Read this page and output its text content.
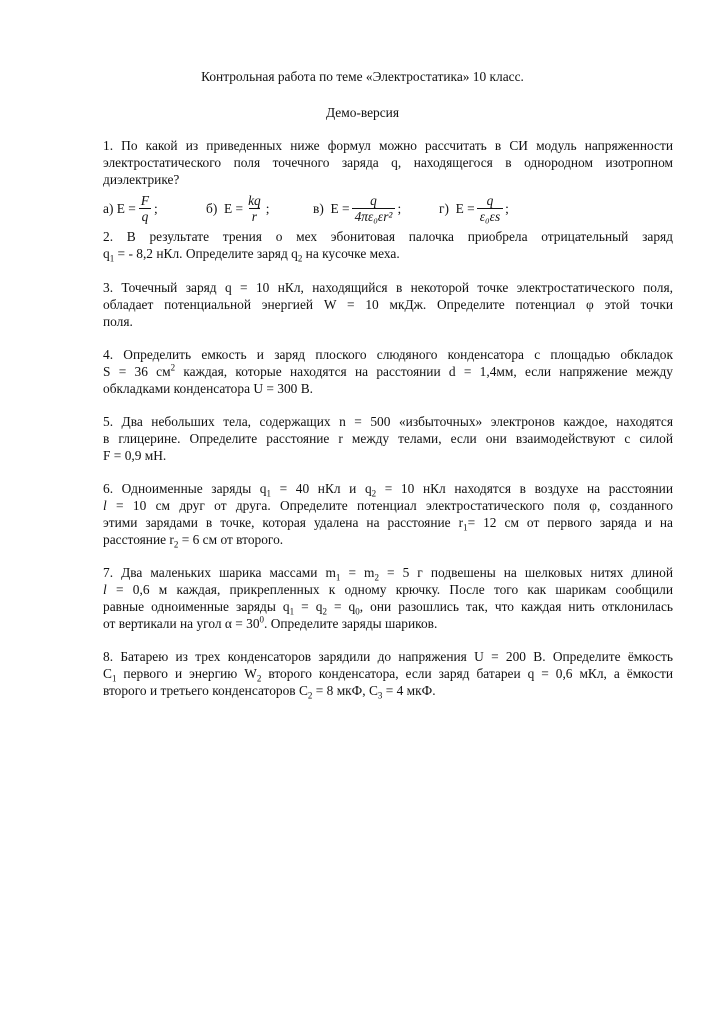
Контрольная работа по теме «Электростатика» 10 класс.
Демо-версия
1. По какой из приведенных ниже формул можно рассчитать в СИ модуль напряженности
электростатического поля точечного заряда q, находящегося в однородном изотропном
диэлектрике?
а)
$E = \frac{F}{q}$ ;	б)
$E = \frac{kq}{r}$ ;	в)
$E = \frac{q}{\text{4πε₀εr²}}$ ;	г)
$E = \frac{q}{\text{ε₀εs}}$ ;
2. В результате трения о мех эбонитовая палочка приобрела отрицательный заряд
$q_1$ = - 8,2 нКл. Определите заряд $q_2$ на кусочке меха.
3. Точечный заряд q = 10 нКл, находящийся в некоторой точке электростатического поля,
обладает потенциальной энергией W = 10 мкДж. Определите потенциал φ этой точки
поля.
4. Определить емкость и заряд плоского слюдяного конденсатора с площадью обкладок
S = 36 $см^2$ каждая, которые находятся на расстоянии d = 1,4мм, если напряжение между
обкладками конденсатора U = 300 В.
5. Два небольших тела, содержащих n = 500 «избыточных» электронов каждое, находятся
в глицерине. Определите расстояние r между телами, если они взаимодействуют с силой
F = 0,9 мН.
6. Одноименные заряды $q_1 = 40$ нКл и $q_2 = 10$ нКл находятся в воздухе на расстоянии
l = 10 см друг от друга. Определите потенциал электростатического поля φ, созданного
этими зарядами в точке, которая удалена на расстояние $r_1= 12$ см от первого заряда и на
расстояние $r_2 = 6$ см от второго.
7. Два маленьких шарика массами $m_1 = m_2 = 5$ г подвешены на шелковых нитях длиной
l = 0,6 м каждая, прикрепленных к одному крючку. После того как шарикам сообщили
равные одноименные заряды $q_1 = q_2 = q_0$, они разошлись так, что каждая нить отклонилась
от вертикали на угол $\alpha = 30^0$. Определите заряды шариков.
8. Батарею из трех конденсаторов зарядили до напряжения U = 200 В. Определите ёмкость
$C_1$ первого и энергию $W_2$ второго конденсатора, если заряд батареи q = 0,6 мКл, а ёмкости
второго и третьего конденсаторов $C_2 = 8$ мкФ, $C_3 = 4$ мкФ.
